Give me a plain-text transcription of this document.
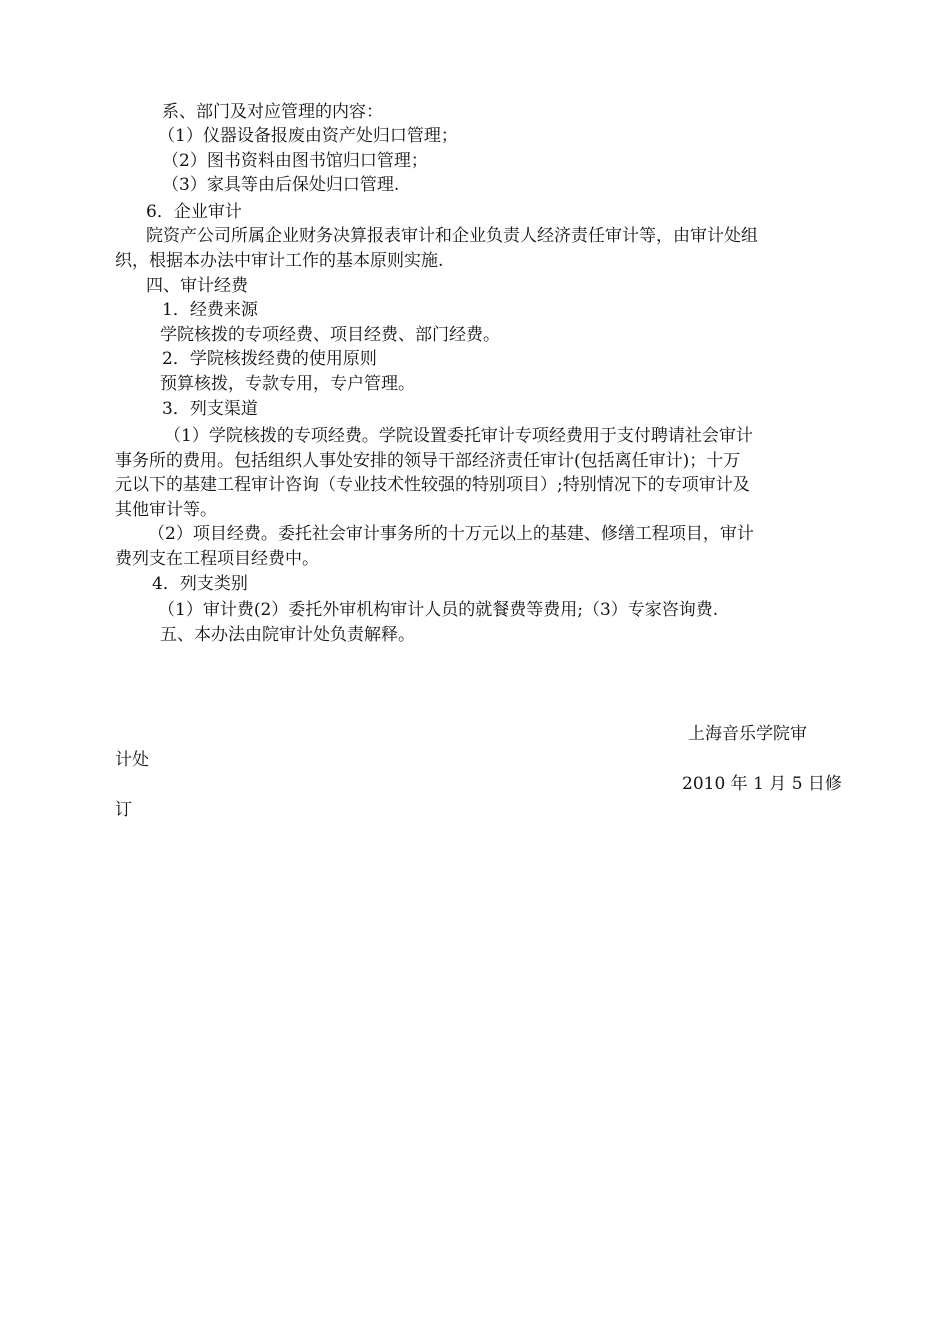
系、部门及对应管理的内容：
（1）仪器设备报废由资产处归口管理；
（2）图书资料由图书馆归口管理；
（3）家具等由后保处归口管理.
6．企业审计
院资产公司所属企业财务决算报表审计和企业负责人经济责任审计等，由审计处组
织，根据本办法中审计工作的基本原则实施.
四、审计经费
1．经费来源
学院核拨的专项经费、项目经费、部门经费。
2．学院核拨经费的使用原则
预算核拨，专款专用，专户管理。
3．列支渠道
（1）学院核拨的专项经费。学院设置委托审计专项经费用于支付聘请社会审计
事务所的费用。包括组织人事处安排的领导干部经济责任审计(包括离任审计)；十万
元以下的基建工程审计咨询（专业技术性较强的特别项目）;特别情况下的专项审计及
其他审计等。
（2）项目经费。委托社会审计事务所的十万元以上的基建、修缮工程项目，审计
费列支在工程项目经费中。
4．列支类别
（1）审计费(2）委托外审机构审计人员的就餐费等费用;（3）专家咨询费.
五、本办法由院审计处负责解释。
上海音乐学院审
计处
2010 年 1 月 5 日修
订
